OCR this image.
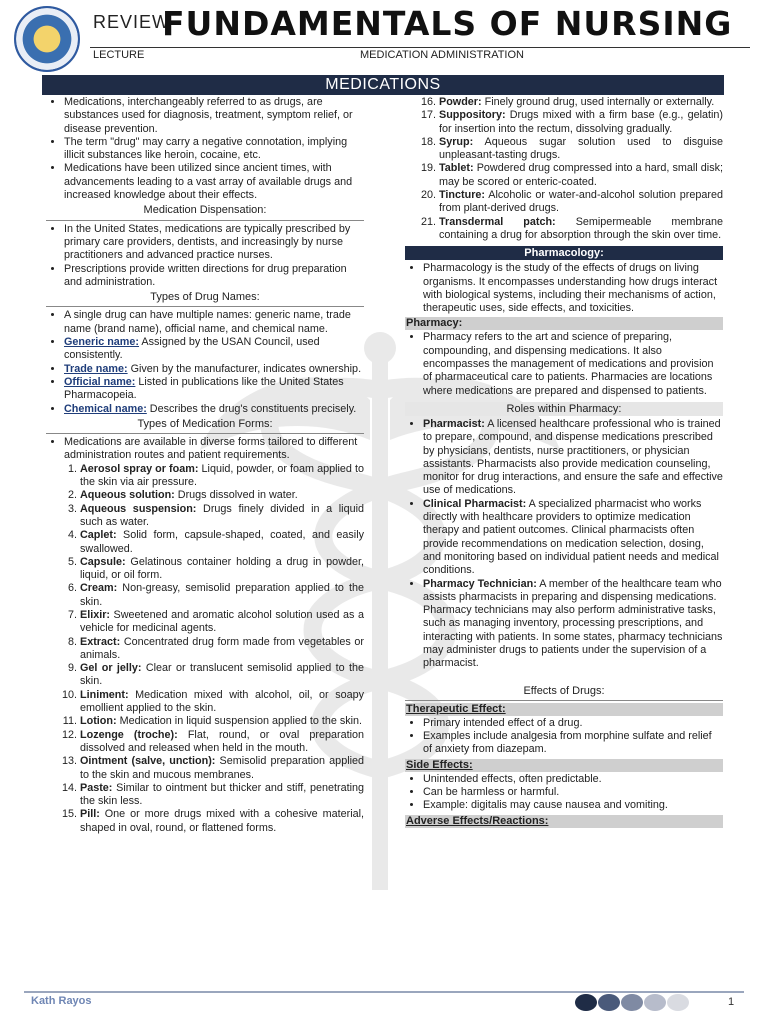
REVIEW
FUNDAMENTALS OF NURSING
LECTURE	MEDICATION ADMINISTRATION
MEDICATIONS
• Medications, interchangeably referred to as drugs, are substances used for diagnosis, treatment, symptom relief, or disease prevention.
• The term "drug" may carry a negative connotation, implying illicit substances like heroin, cocaine, etc.
• Medications have been utilized since ancient times, with advancements leading to a vast array of available drugs and increased knowledge about their effects.
Medication Dispensation:
• In the United States, medications are typically prescribed by primary care providers, dentists, and increasingly by nurse practitioners and advanced practice nurses.
• Prescriptions provide written directions for drug preparation and administration.
Types of Drug Names:
• A single drug can have multiple names: generic name, trade name (brand name), official name, and chemical name.
• Generic name: Assigned by the USAN Council, used consistently.
• Trade name: Given by the manufacturer, indicates ownership.
• Official name: Listed in publications like the United States Pharmacopeia.
• Chemical name: Describes the drug's constituents precisely.
Types of Medication Forms:
• Medications are available in diverse forms tailored to different administration routes and patient requirements.
1. Aerosol spray or foam: Liquid, powder, or foam applied to the skin via air pressure.
2. Aqueous solution: Drugs dissolved in water.
3. Aqueous suspension: Drugs finely divided in a liquid such as water.
4. Caplet: Solid form, capsule-shaped, coated, and easily swallowed.
5. Capsule: Gelatinous container holding a drug in powder, liquid, or oil form.
6. Cream: Non-greasy, semisolid preparation applied to the skin.
7. Elixir: Sweetened and aromatic alcohol solution used as a vehicle for medicinal agents.
8. Extract: Concentrated drug form made from vegetables or animals.
9. Gel or jelly: Clear or translucent semisolid applied to the skin.
10. Liniment: Medication mixed with alcohol, oil, or soapy emollient applied to the skin.
11. Lotion: Medication in liquid suspension applied to the skin.
12. Lozenge (troche): Flat, round, or oval preparation dissolved and released when held in the mouth.
13. Ointment (salve, unction): Semisolid preparation applied to the skin and mucous membranes.
14. Paste: Similar to ointment but thicker and stiff, penetrating the skin less.
15. Pill: One or more drugs mixed with a cohesive material, shaped in oval, round, or flattened forms.
16. Powder: Finely ground drug, used internally or externally.
17. Suppository: Drugs mixed with a firm base (e.g., gelatin) for insertion into the rectum, dissolving gradually.
18. Syrup: Aqueous sugar solution used to disguise unpleasant-tasting drugs.
19. Tablet: Powdered drug compressed into a hard, small disk; may be scored or enteric-coated.
20. Tincture: Alcoholic or water-and-alcohol solution prepared from plant-derived drugs.
21. Transdermal patch: Semipermeable membrane containing a drug for absorption through the skin over time.
Pharmacology:
• Pharmacology is the study of the effects of drugs on living organisms. It encompasses understanding how drugs interact with biological systems, including their mechanisms of action, therapeutic uses, side effects, and toxicities.
Pharmacy:
• Pharmacy refers to the art and science of preparing, compounding, and dispensing medications. It also encompasses the management of medications and provision of pharmaceutical care to patients. Pharmacies are locations where medications are prepared and dispensed to patients.
Roles within Pharmacy:
• Pharmacist: A licensed healthcare professional who is trained to prepare, compound, and dispense medications prescribed by physicians, dentists, nurse practitioners, or physician assistants. Pharmacists also provide medication counseling, monitor for drug interactions, and ensure the safe and effective use of medications.
• Clinical Pharmacist: A specialized pharmacist who works directly with healthcare providers to optimize medication therapy and patient outcomes. Clinical pharmacists often provide recommendations on medication selection, dosing, and monitoring based on individual patient needs and medical conditions.
• Pharmacy Technician: A member of the healthcare team who assists pharmacists in preparing and dispensing medications. Pharmacy technicians may also perform administrative tasks, such as managing inventory, processing prescriptions, and interacting with patients. In some states, pharmacy technicians may administer drugs to patients under the supervision of a pharmacist.
Effects of Drugs:
Therapeutic Effect:
• Primary intended effect of a drug.
• Examples include analgesia from morphine sulfate and relief of anxiety from diazepam.
Side Effects:
• Unintended effects, often predictable.
• Can be harmless or harmful.
• Example: digitalis may cause nausea and vomiting.
Adverse Effects/Reactions:
Kath Rayos	1
